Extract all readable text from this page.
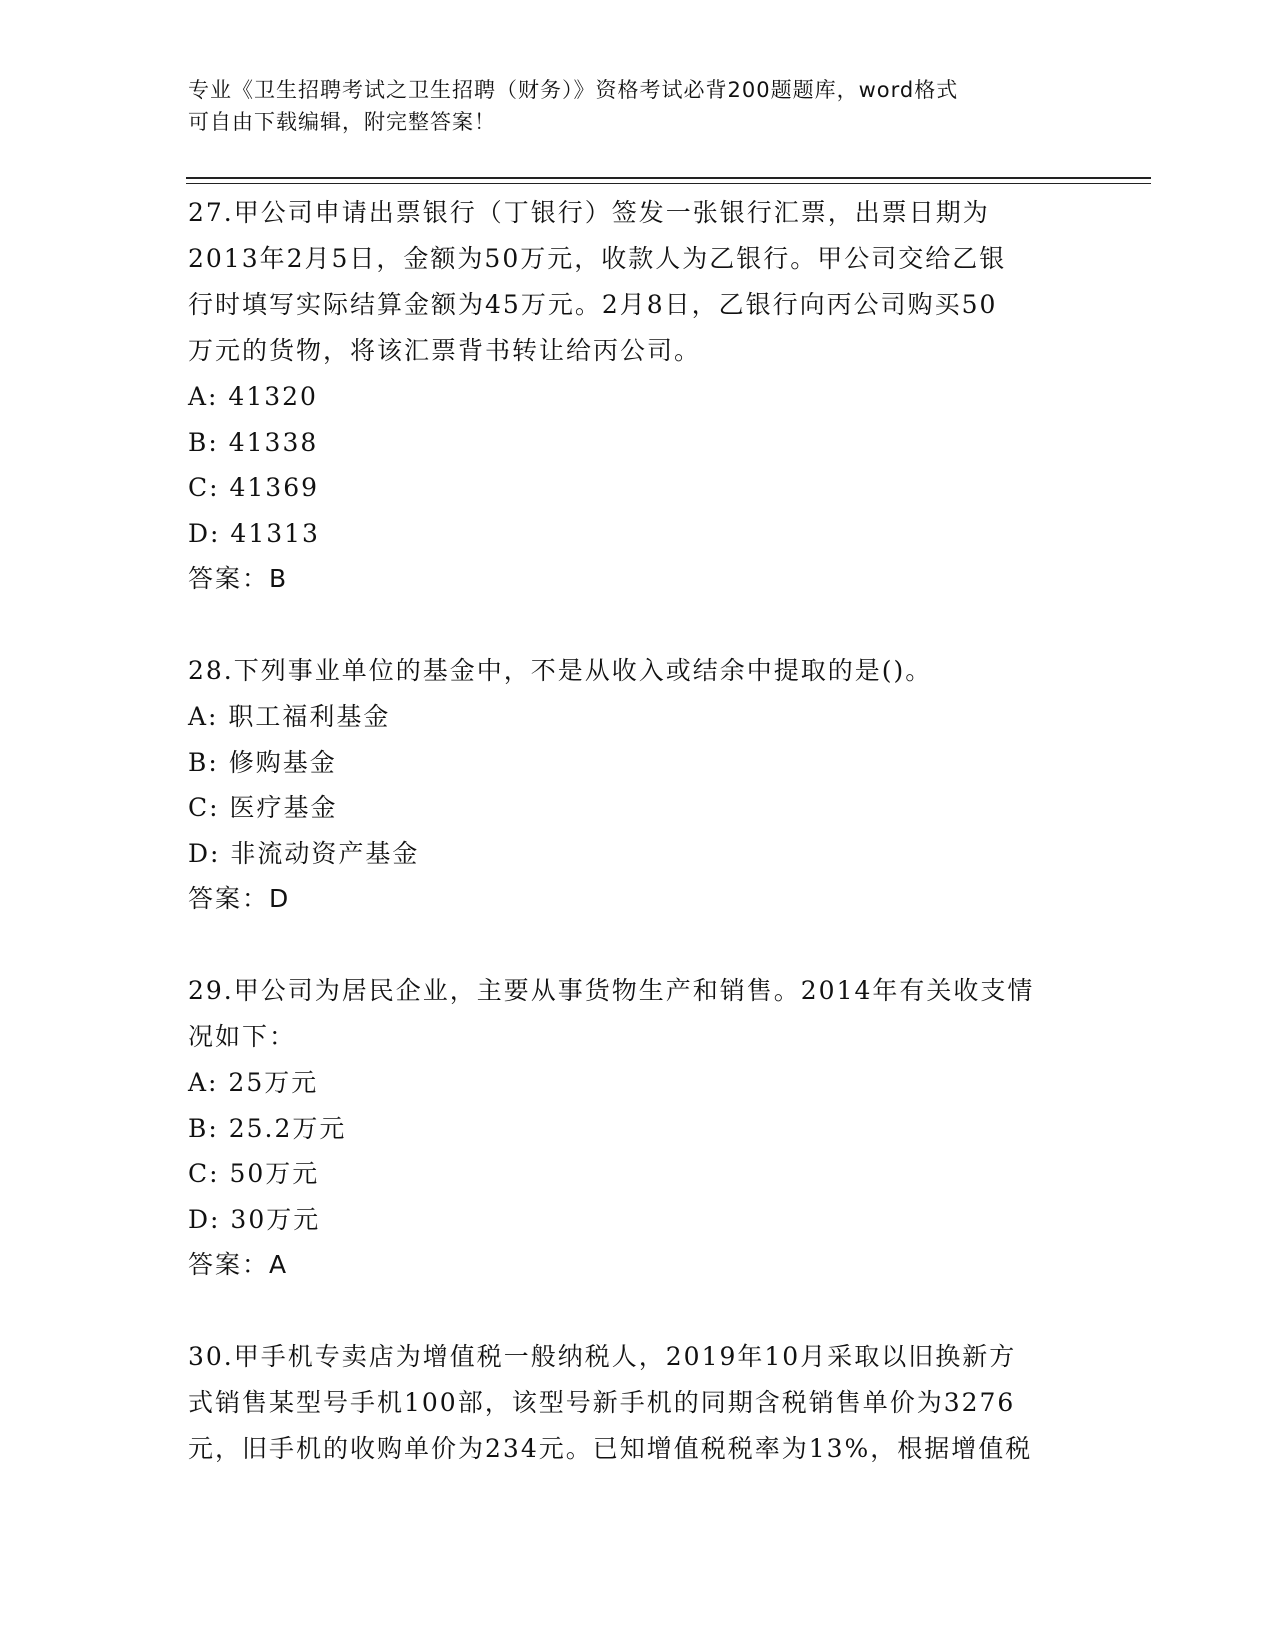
专业《卫生招聘考试之卫生招聘（财务）》资格考试必背200题题库，word格式
可自由下载编辑，附完整答案！

27.甲公司申请出票银行（丁银行）签发一张银行汇票，出票日期为

2013年2月5日，金额为50万元，收款人为乙银行。甲公司交给乙银

行时填写实际结算金额为45万元。2月8日，乙银行向丙公司购买50

万元的货物，将该汇票背书转让给丙公司。

A: 41320

B: 41338

C: 41369

D: 41313

答案：B

28.下列事业单位的基金中，不是从收入或结余中提取的是()。

A: 职工福利基金

B: 修购基金

C: 医疗基金

D: 非流动资产基金

答案：D

29.甲公司为居民企业，主要从事货物生产和销售。2014年有关收支情

况如下：

A: 25万元

B: 25.2万元

C: 50万元

D: 30万元

答案：A

30.甲手机专卖店为增值税一般纳税人，2019年10月采取以旧换新方

式销售某型号手机100部，该型号新手机的同期含税销售单价为3276

元，旧手机的收购单价为234元。已知增值税税率为13%，根据增值税
